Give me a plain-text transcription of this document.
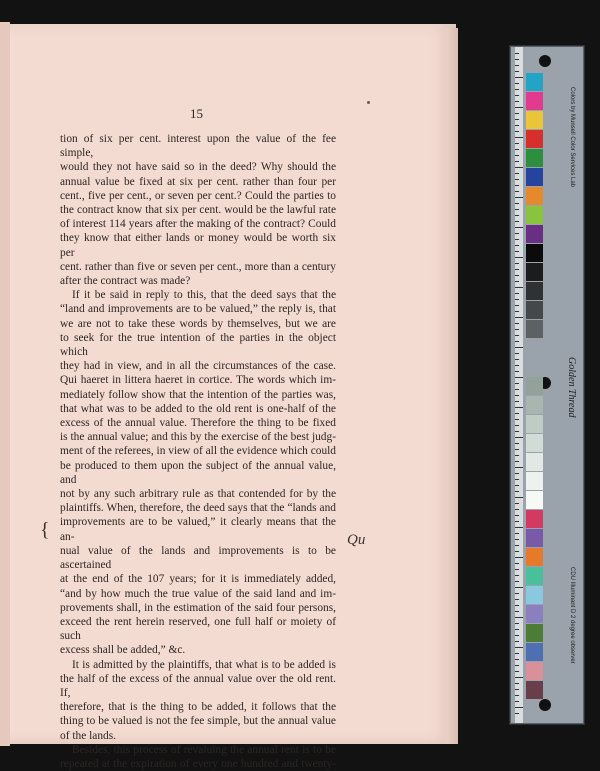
15
tion of six per cent. interest upon the value of the fee simple,
would they not have said so in the deed? Why should the
annual value be fixed at six per cent. rather than four per
cent., five per cent., or seven per cent.? Could the parties to
the contract know that six per cent. would be the lawful rate
of interest 114 years after the making of the contract? Could
they know that either lands or money would be worth six per
cent. rather than five or seven per cent., more than a century
after the contract was made?
If it be said in reply to this, that the deed says that the
“land and improvements are to be valued,” the reply is, that
we are not to take these words by themselves, but we are
to seek for the true intention of the parties in the object which
they had in view, and in all the circumstances of the case.
Qui haeret in littera haeret in cortice. The words which im-
mediately follow show that the intention of the parties was,
that what was to be added to the old rent is one-half of the
excess of the annual value. Therefore the thing to be fixed
is the annual value; and this by the exercise of the best judg-
ment of the referees, in view of all the evidence which could
be produced to them upon the subject of the annual value, and
not by any such arbitrary rule as that contended for by the
plaintiffs. When, therefore, the deed says that the “lands and
improvements are to be valued,” it clearly means that the an-
nual value of the lands and improvements is to be ascertained
at the end of the 107 years; for it is immediately added,
“and by how much the true value of the said land and im-
provements shall, in the estimation of the said four persons,
exceed the rent herein reserved, one full half or moiety of such
excess shall be added,” &c.
It is admitted by the plaintiffs, that what is to be added is
the half of the excess of the annual value over the old rent. If,
therefore, that is the thing to be added, it follows that the
thing to be valued is not the fee simple, but the annual value
of the lands.
Besides, this process of revaluing the annual rent is to be
repeated at the expiration of every one hundred and twenty-
{	Qu
Colors by Munsell Color Services Lab
Golden Thread
CDU Illuminant D 2 degree observer
